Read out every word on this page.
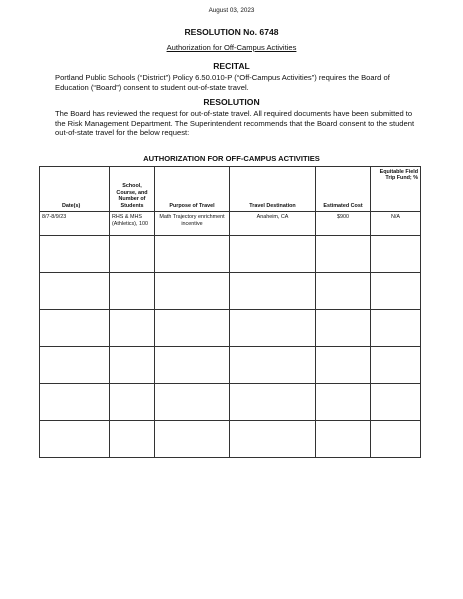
August 03, 2023
RESOLUTION No. 6748
Authorization for Off-Campus Activities
RECITAL
Portland Public Schools (“District”) Policy 6.50.010-P (“Off-Campus Activities”) requires the Board of Education (“Board”) consent to student out-of-state travel.
RESOLUTION
The Board has reviewed the request for out-of-state travel. All required documents have been submitted to the Risk Management Department. The Superintendent recommends that the Board consent to the student out-of-state travel for the below request:
AUTHORIZATION FOR OFF-CAMPUS ACTIVITIES
Date(s)	School, Course, and Number of Students	Purpose of Travel	Travel Destination	Estimated Cost	Equitable Field Trip Fund; %
8/7-8/9/23	RHS & MHS (Athletics), 100	Math Trajectory enrichment incentive	Anaheim, CA	$900	N/A
